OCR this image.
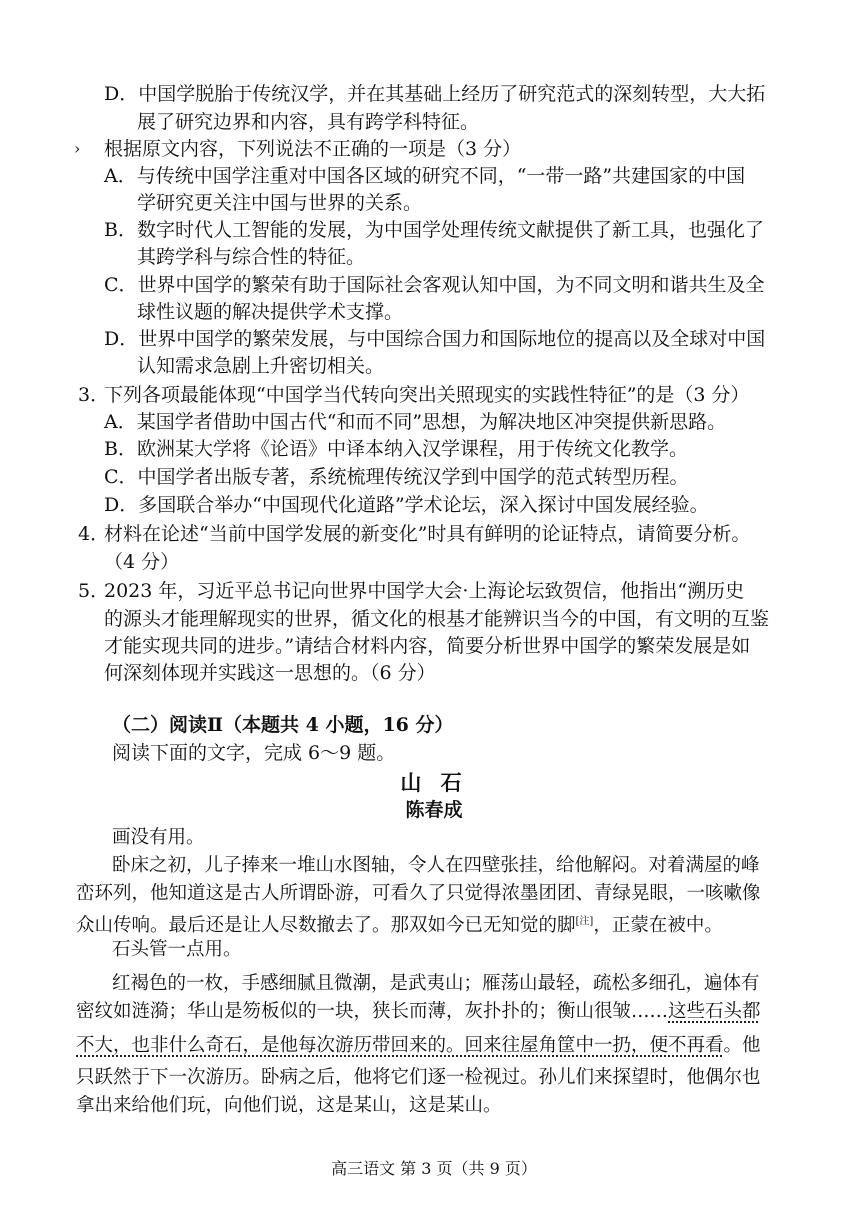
D．中国学脱胎于传统汉学，并在其基础上经历了研究范式的深刻转型，大大拓
展了研究边界和内容，具有跨学科特征。
› 根据原文内容，下列说法不正确的一项是（3 分）
A．与传统中国学注重对中国各区域的研究不同，“一带一路”共建国家的中国
学研究更关注中国与世界的关系。
B．数字时代人工智能的发展，为中国学处理传统文献提供了新工具，也强化了
其跨学科与综合性的特征。
C．世界中国学的繁荣有助于国际社会客观认知中国，为不同文明和谐共生及全
球性议题的解决提供学术支撑。
D．世界中国学的繁荣发展，与中国综合国力和国际地位的提高以及全球对中国
认知需求急剧上升密切相关。
3．下列各项最能体现“中国学当代转向突出关照现实的实践性特征”的是（3 分）
A．某国学者借助中国古代“和而不同”思想，为解决地区冲突提供新思路。
B．欧洲某大学将《论语》中译本纳入汉学课程，用于传统文化教学。
C．中国学者出版专著，系统梳理传统汉学到中国学的范式转型历程。
D．多国联合举办“中国现代化道路”学术论坛，深入探讨中国发展经验。
4．材料在论述“当前中国学发展的新变化”时具有鲜明的论证特点，请简要分析。
（4 分）
5．2023 年，习近平总书记向世界中国学大会·上海论坛致贺信，他指出“溯历史
的源头才能理解现实的世界，循文化的根基才能辨识当今的中国，有文明的互鉴
才能实现共同的进步。”请结合材料内容，简要分析世界中国学的繁荣发展是如
何深刻体现并实践这一思想的。（6 分）
（二）阅读Ⅱ（本题共 4 小题，16 分）
阅读下面的文字，完成 6～9 题。
山 石
陈春成
画没有用。
卧床之初，儿子捧来一堆山水图轴，令人在四壁张挂，给他解闷。对着满屋的峰
峦环列，他知道这是古人所谓卧游，可看久了只觉得浓墨团团、青绿晃眼，一咳嗽像
众山传响。最后还是让人尽数撤去了。那双如今已无知觉的脚[注]，正蒙在被中。
石头管一点用。
红褐色的一枚，手感细腻且微潮，是武夷山；雁荡山最轻，疏松多细孔，遍体有
密纹如涟漪；华山是笏板似的一块，狭长而薄，灰扑扑的；衡山很皱……这些石头都
不大，也非什么奇石，是他每次游历带回来的。回来往屋角筐中一扔，便不再看。他
只跃然于下一次游历。卧病之后，他将它们逐一检视过。孙儿们来探望时，他偶尔也
拿出来给他们玩，向他们说，这是某山，这是某山。
高三语文 第 3 页（共 9 页）
